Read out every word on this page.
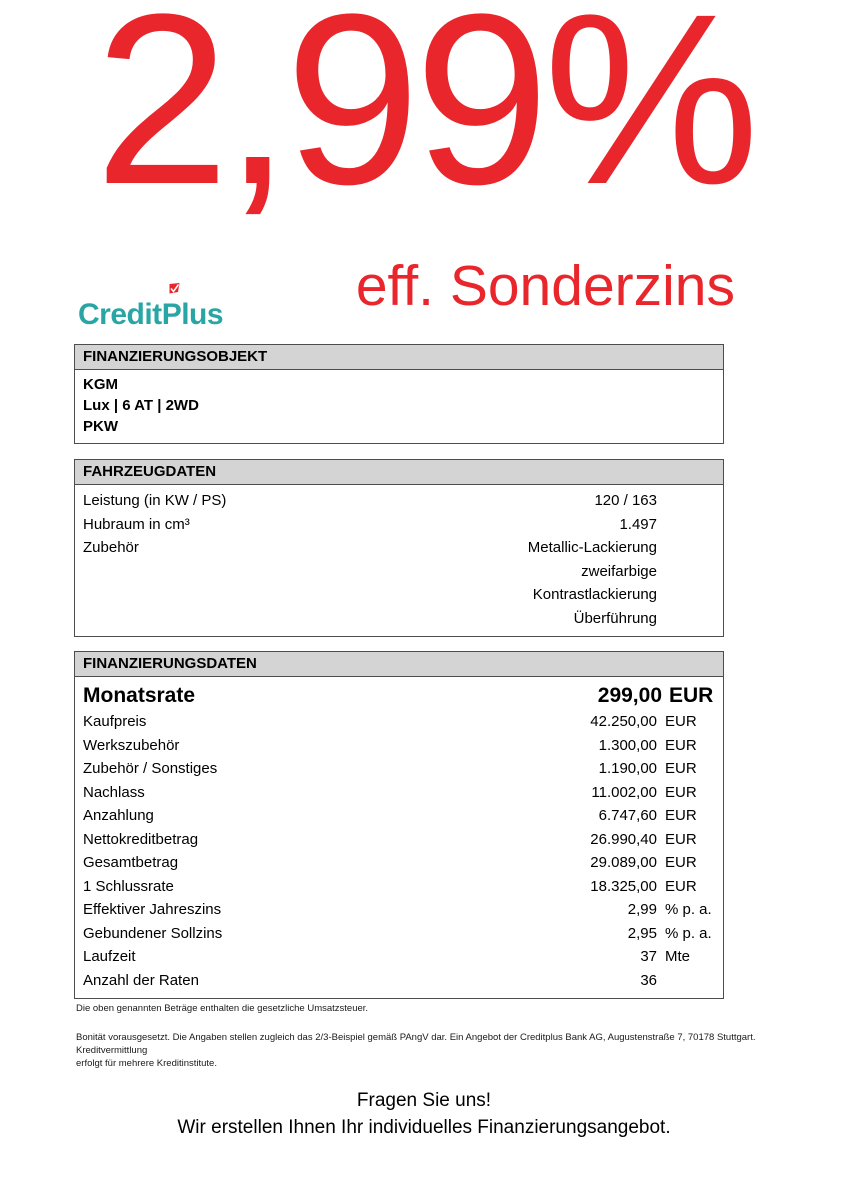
2,99%
eff. Sonderzins
Credit P lus
FINANZIERUNGSOBJEKT
KGM
Lux | 6 AT | 2WD
PKW
FAHRZEUGDATEN
Leistung (in KW / PS)	120 / 163
Hubraum in cm³	1.497
Zubehör	Metallic-Lackierung
zweifarbige
Kontrastlackierung
Überführung
FINANZIERUNGSDATEN
Monatsrate	299,00 EUR
Kaufpreis	42.250,00 EUR
Werkszubehör	1.300,00 EUR
Zubehör / Sonstiges	1.190,00 EUR
Nachlass	11.002,00 EUR
Anzahlung	6.747,60 EUR
Nettokreditbetrag	26.990,40 EUR
Gesamtbetrag	29.089,00 EUR
1 Schlussrate	18.325,00 EUR
Effektiver Jahreszins	2,99 % p. a.
Gebundener Sollzins	2,95 % p. a.
Laufzeit	37 Mte
Anzahl der Raten	36

Die oben genannten Beträge enthalten die gesetzliche Umsatzsteuer.

Bonität vorausgesetzt. Die Angaben stellen zugleich das 2/3-Beispiel gemäß PAngV dar. Ein Angebot der Creditplus Bank AG, Augustenstraße 7, 70178 Stuttgart. Kreditvermittlung

erfolgt für mehrere Kreditinstitute.

Fragen Sie uns!
Wir erstellen Ihnen Ihr individuelles Finanzierungsangebot.
